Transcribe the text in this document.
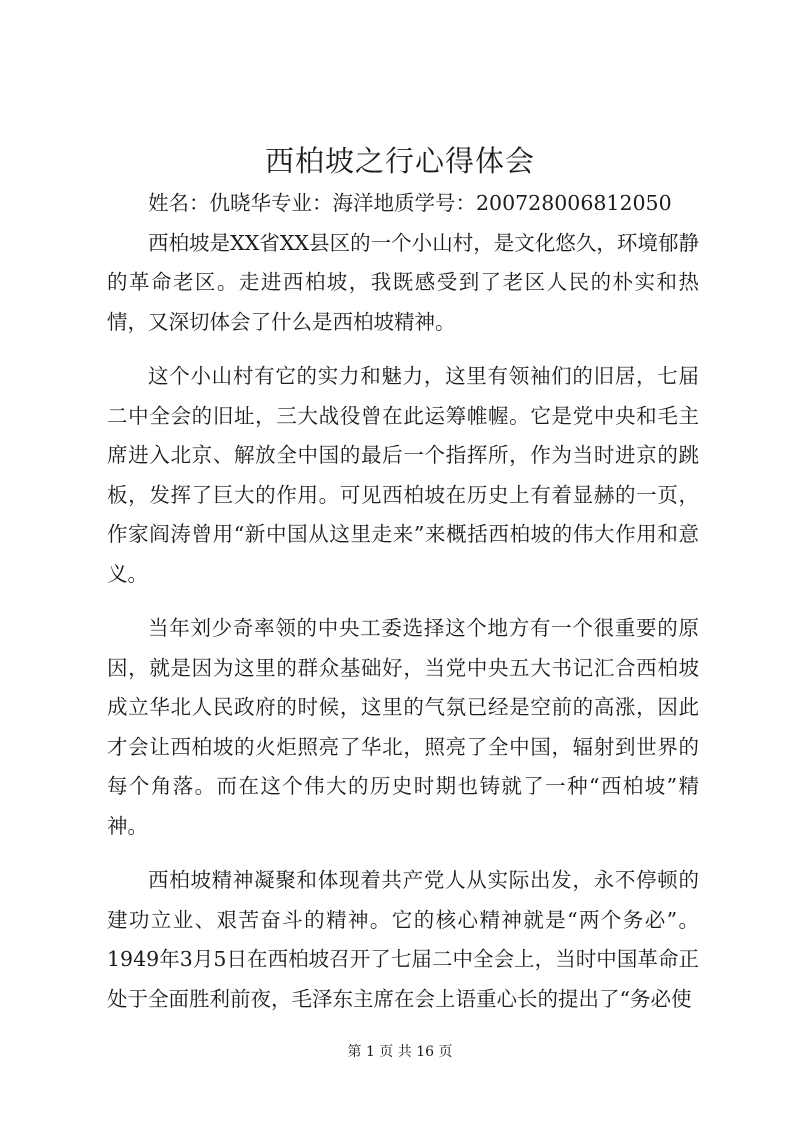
西柏坡之行心得体会

姓名：仇晓华专业：海洋地质学号：200728006812050

西柏坡是XX省XX县区的一个小山村，是文化悠久，环境郁静的革命老区。走进西柏坡，我既感受到了老区人民的朴实和热情，又深切体会了什么是西柏坡精神。

这个小山村有它的实力和魅力，这里有领袖们的旧居，七届二中全会的旧址，三大战役曾在此运筹帷幄。它是党中央和毛主席进入北京、解放全中国的最后一个指挥所，作为当时进京的跳板，发挥了巨大的作用。可见西柏坡在历史上有着显赫的一页，作家阎涛曾用“新中国从这里走来”来概括西柏坡的伟大作用和意义。

当年刘少奇率领的中央工委选择这个地方有一个很重要的原因，就是因为这里的群众基础好，当党中央五大书记汇合西柏坡成立华北人民政府的时候，这里的气氛已经是空前的高涨，因此才会让西柏坡的火炬照亮了华北，照亮了全中国，辐射到世界的每个角落。而在这个伟大的历史时期也铸就了一种“西柏坡”精神。

西柏坡精神凝聚和体现着共产党人从实际出发，永不停顿的建功立业、艰苦奋斗的精神。它的核心精神就是“两个务必”。1949年3月5日在西柏坡召开了七届二中全会上，当时中国革命正处于全面胜利前夜，毛泽东主席在会上语重心长的提出了“务必使

第 1 页 共 16 页
